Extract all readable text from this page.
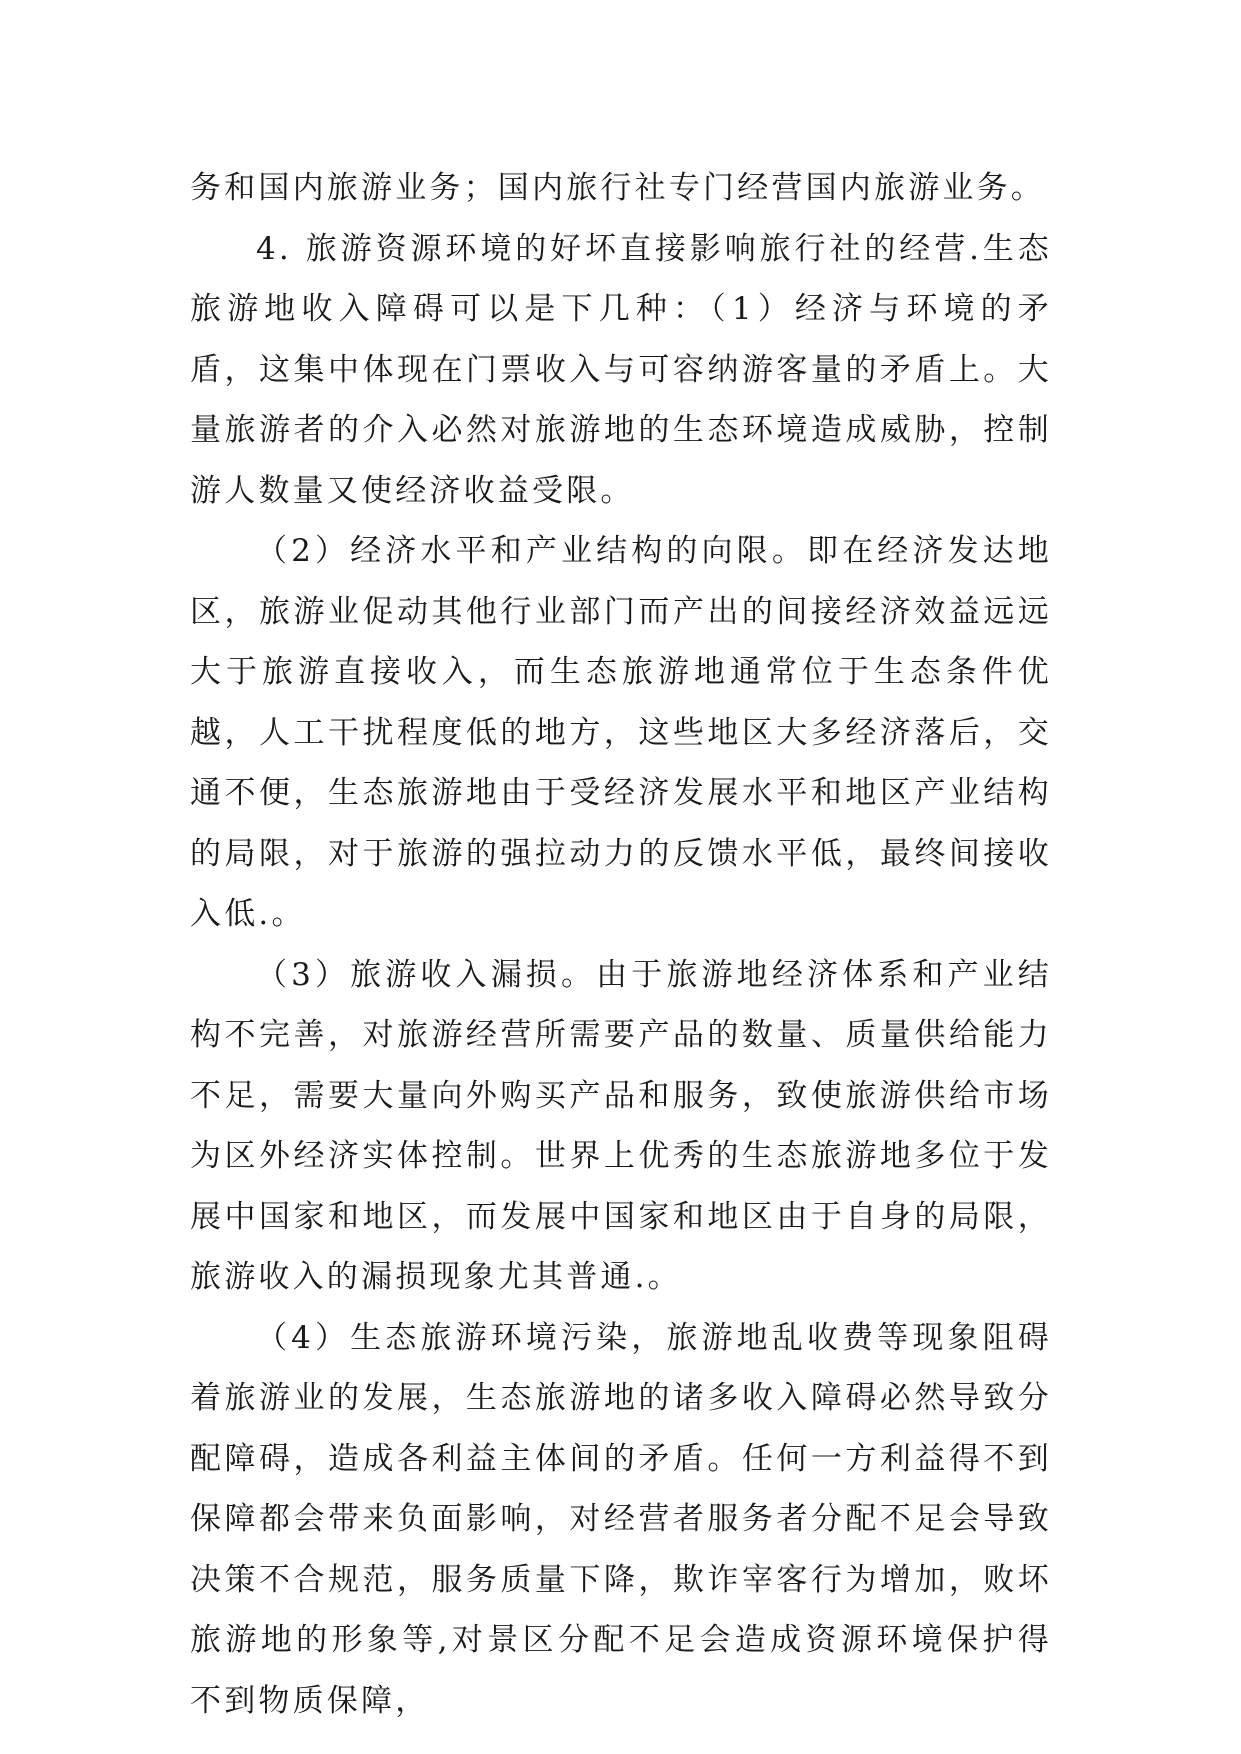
务和国内旅游业务；国内旅行社专门经营国内旅游业务。

4. 旅游资源环境的好坏直接影响旅行社的经营.生态旅游地收入障碍可以是下几种：（1）经济与环境的矛盾，这集中体现在门票收入与可容纳游客量的矛盾上。大量旅游者的介入必然对旅游地的生态环境造成威胁，控制游人数量又使经济收益受限。

（2）经济水平和产业结构的向限。即在经济发达地区，旅游业促动其他行业部门而产出的间接经济效益远远大于旅游直接收入，而生态旅游地通常位于生态条件优越，人工干扰程度低的地方，这些地区大多经济落后，交通不便，生态旅游地由于受经济发展水平和地区产业结构的局限，对于旅游的强拉动力的反馈水平低，最终间接收入低.。

（3）旅游收入漏损。由于旅游地经济体系和产业结构不完善，对旅游经营所需要产品的数量、质量供给能力不足，需要大量向外购买产品和服务，致使旅游供给市场为区外经济实体控制。世界上优秀的生态旅游地多位于发展中国家和地区，而发展中国家和地区由于自身的局限，旅游收入的漏损现象尤其普通.。

（4）生态旅游环境污染，旅游地乱收费等现象阻碍着旅游业的发展，生态旅游地的诸多收入障碍必然导致分配障碍，造成各利益主体间的矛盾。任何一方利益得不到保障都会带来负面影响，对经营者服务者分配不足会导致决策不合规范，服务质量下降，欺诈宰客行为增加，败坏旅游地的形象等,对景区分配不足会造成资源环境保护得不到物质保障，
